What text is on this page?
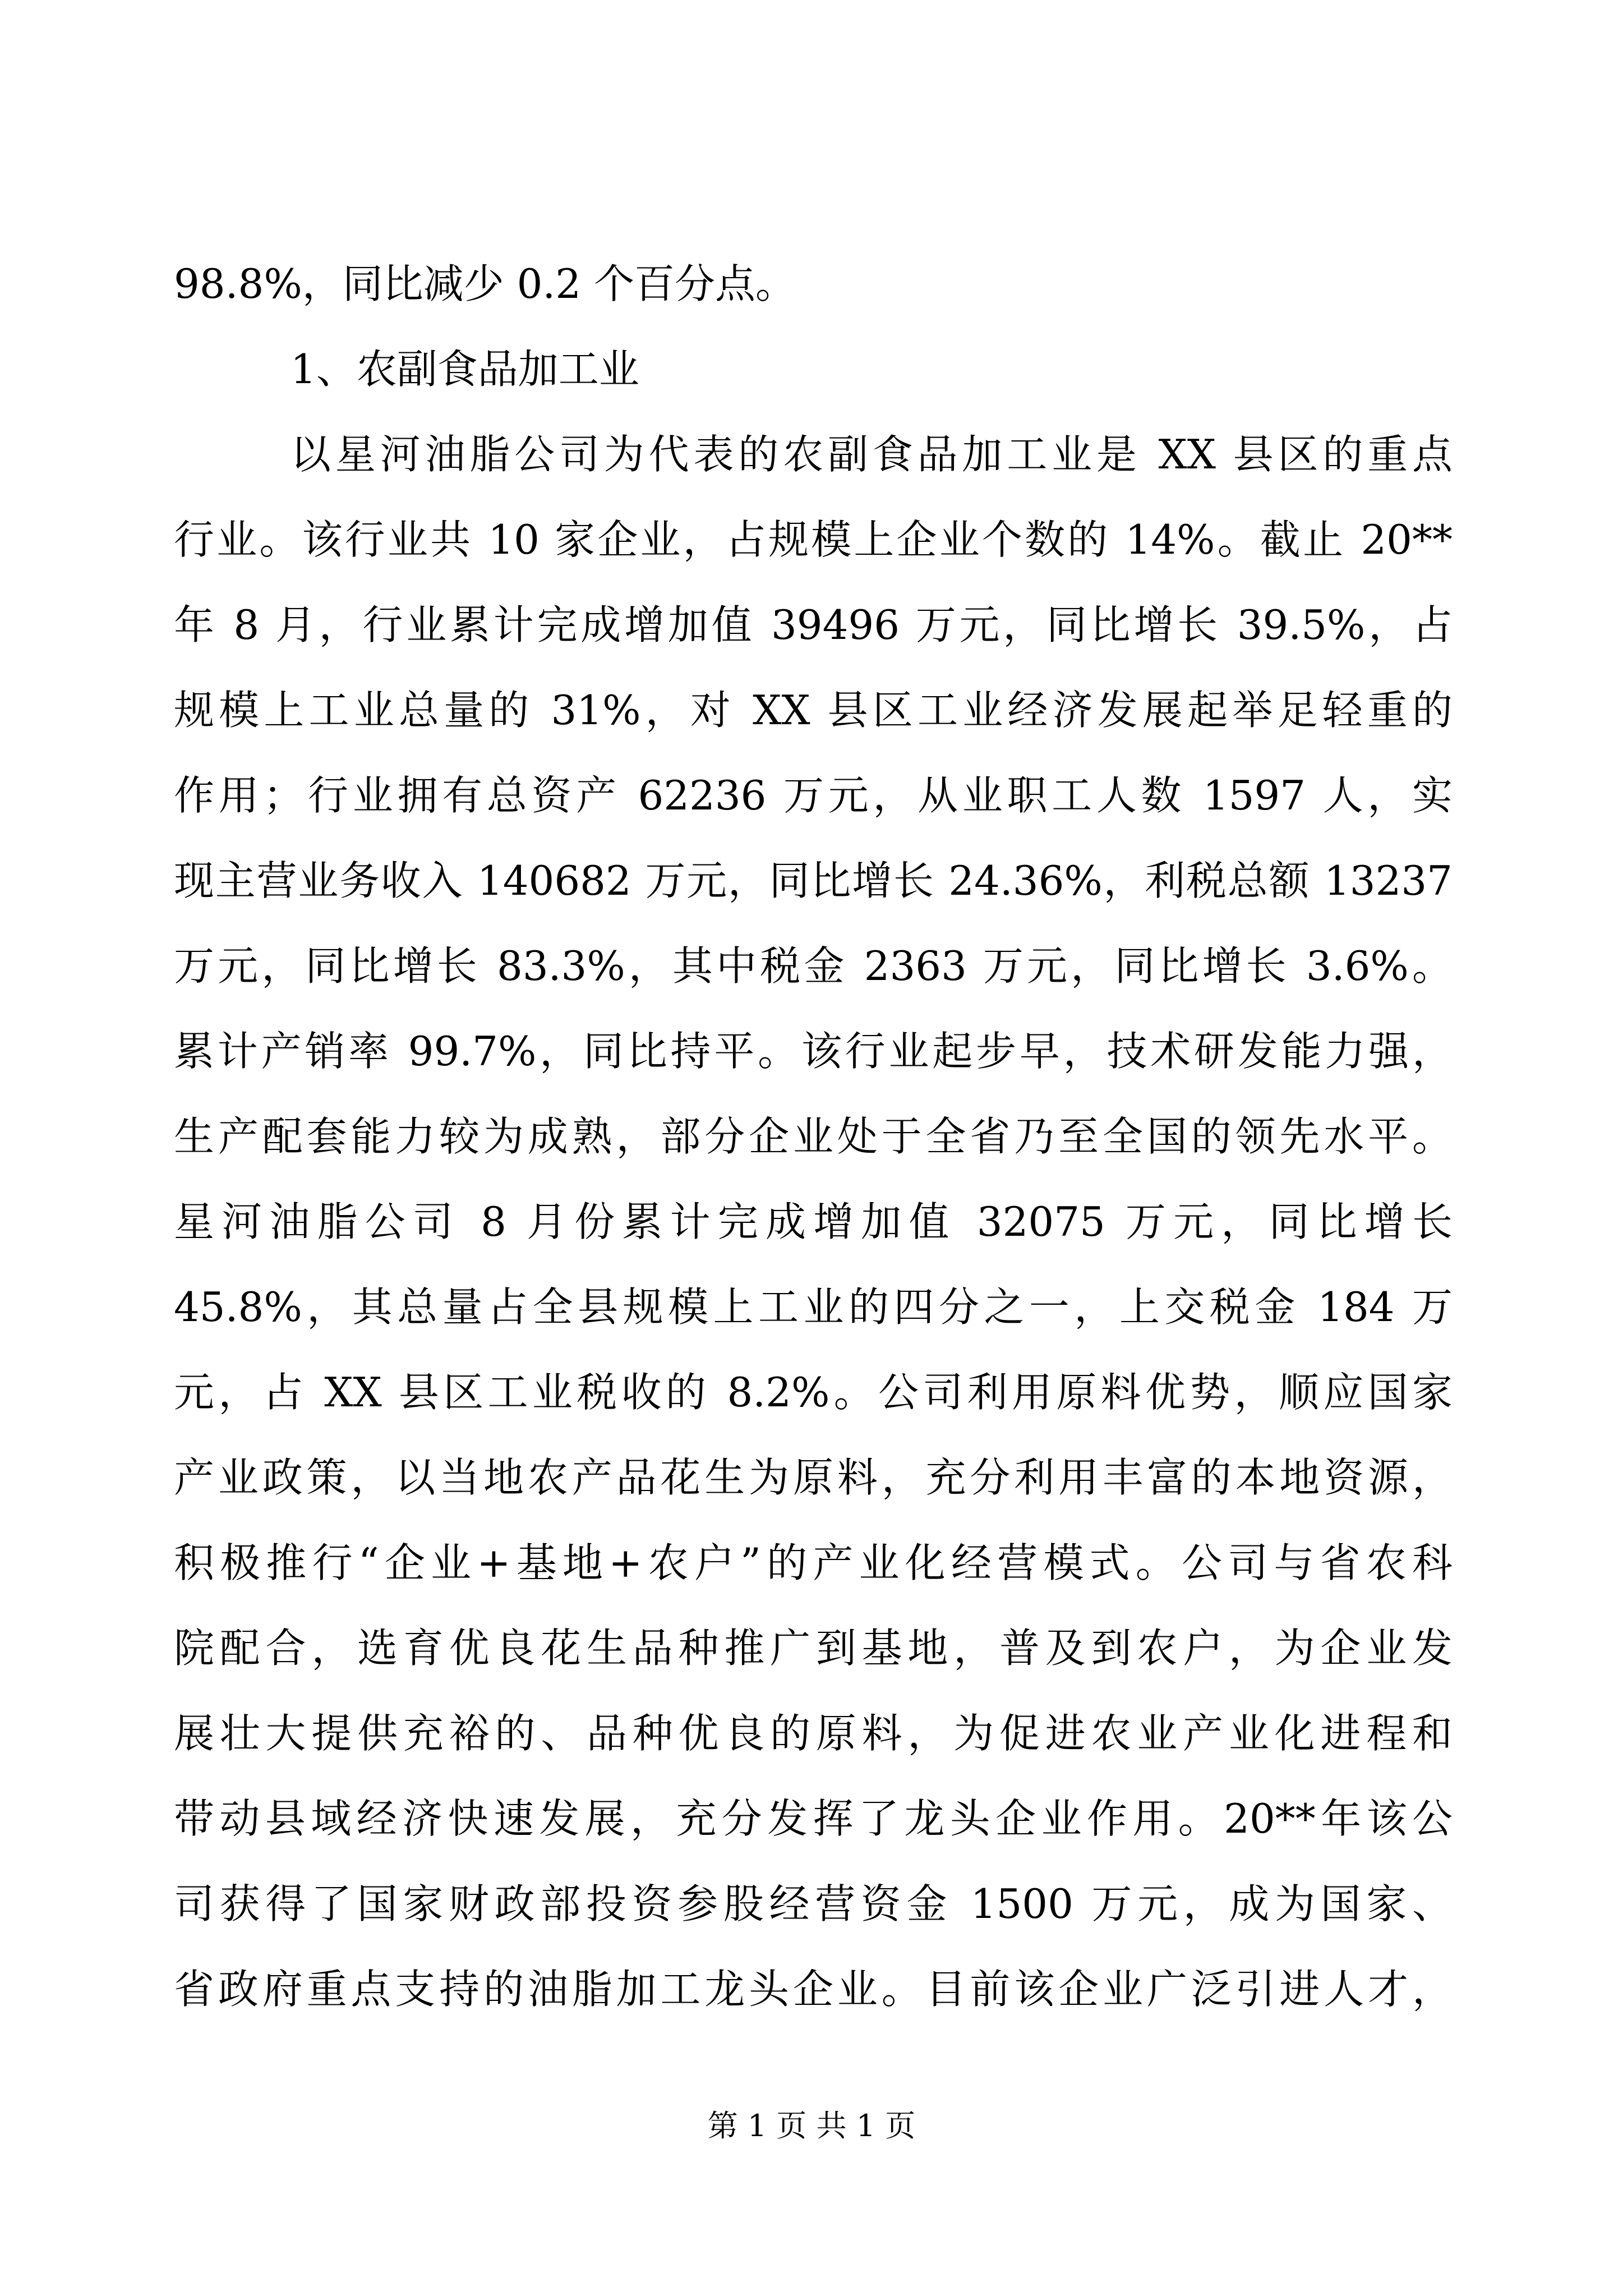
98.8%，同比减少 0.2 个百分点。
1、农副食品加工业
以星河油脂公司为代表的农副食品加工业是 XX 县区的重点
行业。该行业共 10 家企业，占规模上企业个数的 14%。截止 20**
年 8 月，行业累计完成增加值 39496 万元，同比增长 39.5%，占
规模上工业总量的 31%，对 XX 县区工业经济发展起举足轻重的
作用；行业拥有总资产 62236 万元，从业职工人数 1597 人，实
现主营业务收入 140682 万元，同比增长 24.36%，利税总额 13237
万元，同比增长 83.3%，其中税金 2363 万元，同比增长 3.6%。
累计产销率 99.7%，同比持平。该行业起步早，技术研发能力强，
生产配套能力较为成熟，部分企业处于全省乃至全国的领先水平。
星河油脂公司 8 月份累计完成增加值 32075 万元，同比增长
45.8%，其总量占全县规模上工业的四分之一，上交税金 184 万
元，占 XX 县区工业税收的 8.2%。公司利用原料优势，顺应国家
产业政策，以当地农产品花生为原料，充分利用丰富的本地资源，
积极推行“企业+基地+农户”的产业化经营模式。公司与省农科
院配合，选育优良花生品种推广到基地，普及到农户，为企业发
展壮大提供充裕的、品种优良的原料，为促进农业产业化进程和
带动县域经济快速发展，充分发挥了龙头企业作用。20**年该公
司获得了国家财政部投资参股经营资金 1500 万元，成为国家、
省政府重点支持的油脂加工龙头企业。目前该企业广泛引进人才，
第 1 页 共 1 页
